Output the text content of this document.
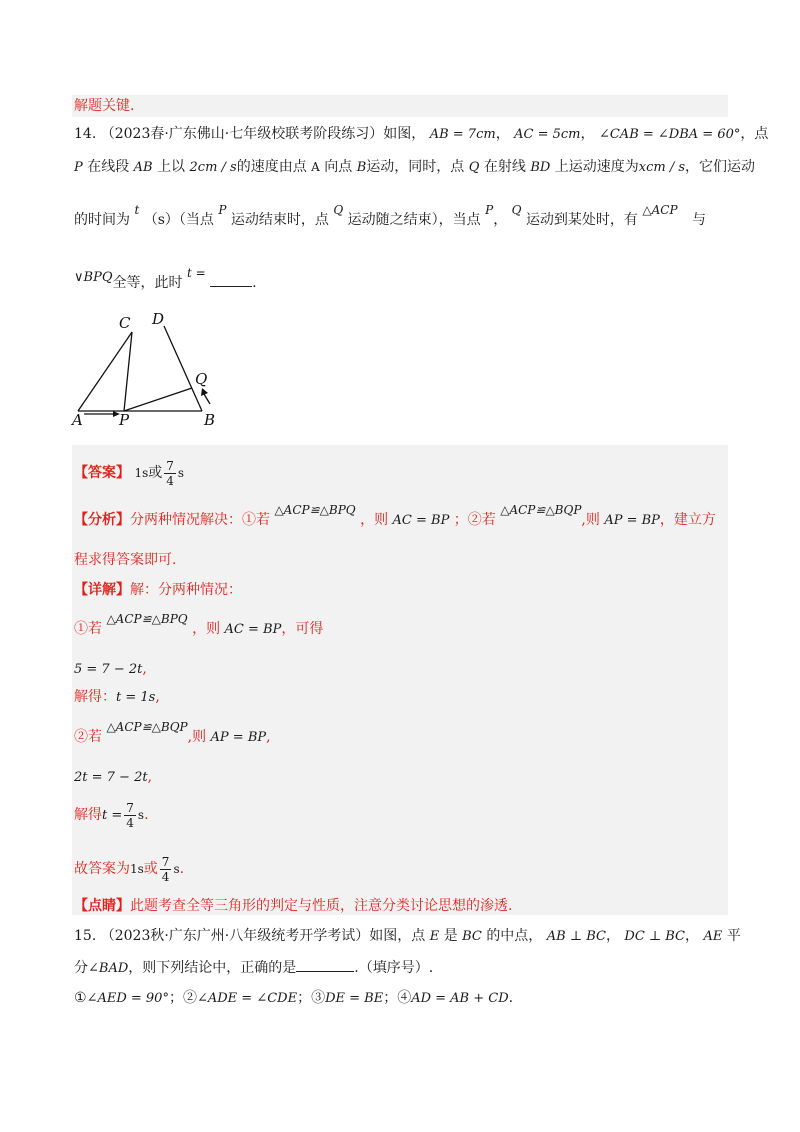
解题关键.
14. （2023春·广东佛山·七年级校联考阶段练习）如图， AB = 7cm， AC = 5cm， ∠CAB = ∠DBA = 60°，点
P 在线段 AB 上以 2cm / s的速度由点 A 向点 B运动，同时，点 Q 在射线 BD 上运动速度为xcm / s，它们运动
的时间为 t （s）（当点 P 运动结束时，点 Q 运动随之结束），当点 P， Q 运动到某处时，有 △ACP 与
∨BPQ全等，此时 t = .
C D
Q
A P	B
【答案】 1s或 $\frac{7}{4}$ s
【分析】分两种情况解决：①若 △ACP≌△BPQ ，则 AC = BP ；②若 △ACP≌△BQP,则 AP = BP，建立方
程求得答案即可.
【详解】解：分两种情况：
①若 △ACP≌△BPQ ，则 AC = BP，可得
5 = 7 − 2t,
解得：t = 1s,
②若 △ACP≌△BQP,则 AP = BP,
2t = 7 − 2t,
解得$t = \frac{7}{4} s$.
故答案为1s或 $\frac{7}{4} s$.
【点睛】此题考查全等三角形的判定与性质，注意分类讨论思想的渗透.
15. （2023秋·广东广州·八年级统考开学考试）如图，点 E 是 BC 的中点， AB ⊥ BC， DC ⊥ BC， AE 平
分∠BAD，则下列结论中，正确的是	.（填序号）.
①∠AED = 90°；②∠ADE = ∠CDE；③DE = BE；④AD = AB + CD.
